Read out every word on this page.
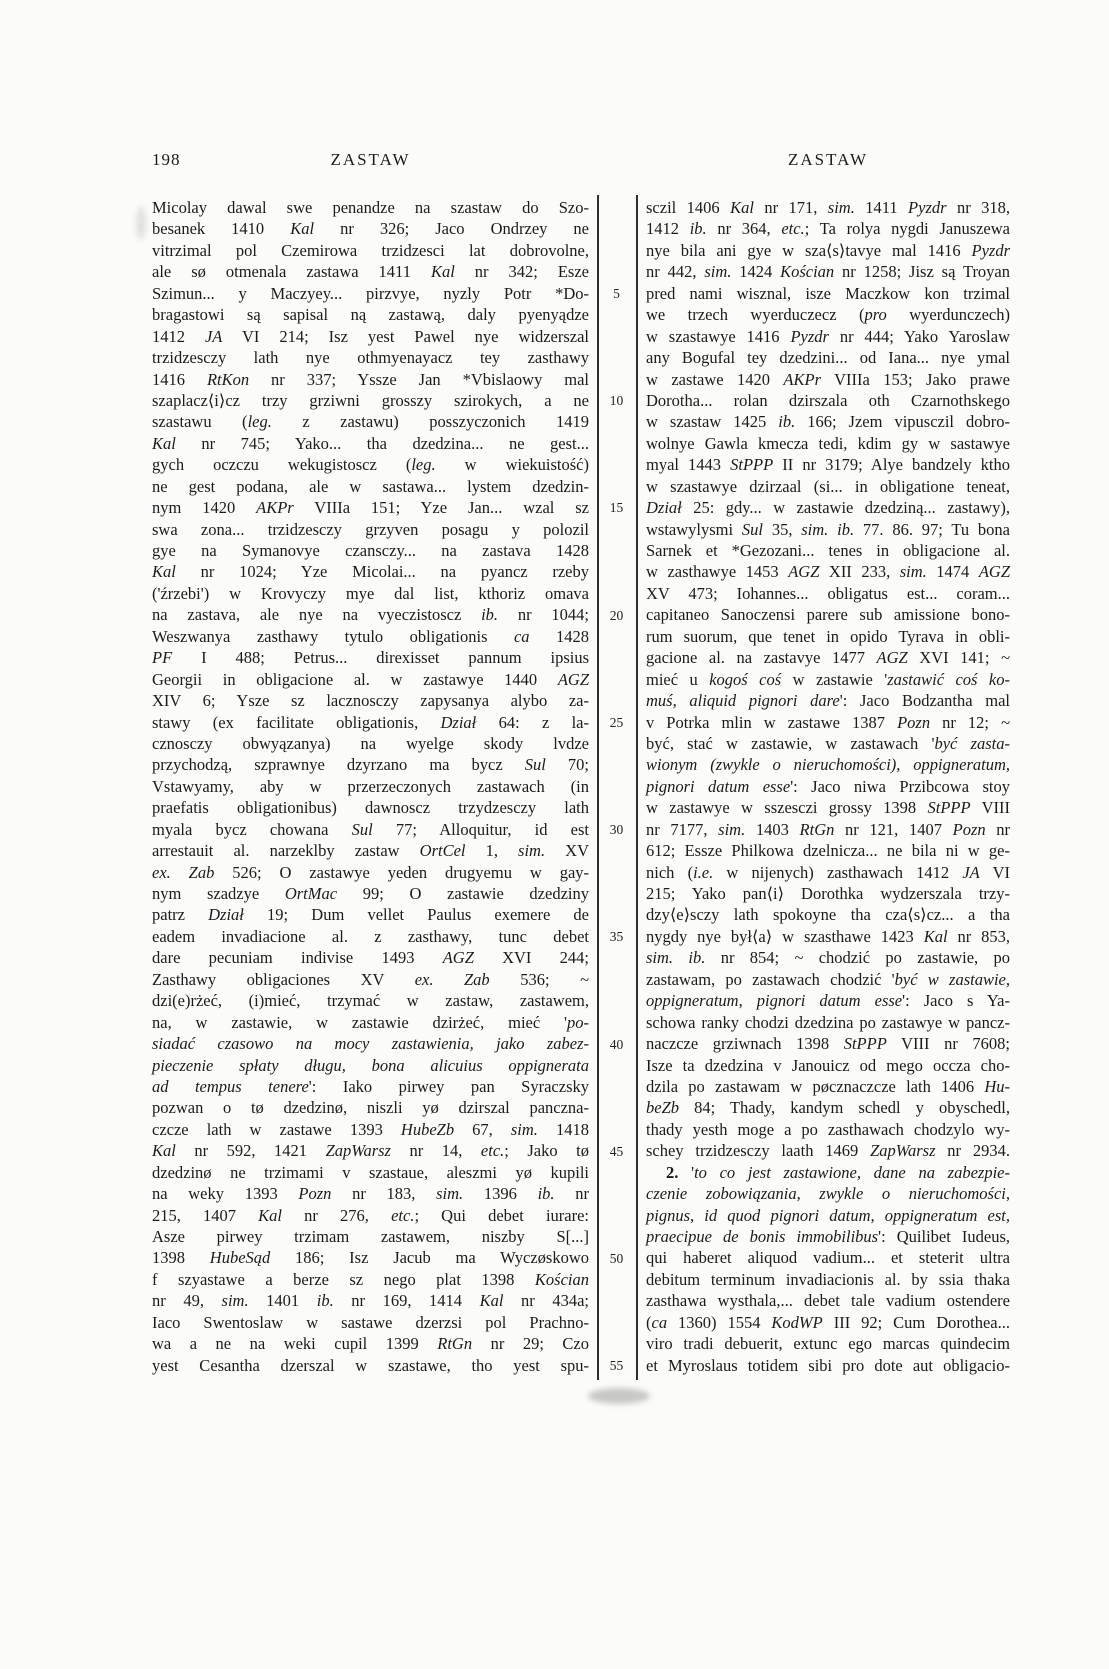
198	ZASTAW	ZASTAW
Micolay dawal swe penandze na szastaw do Szo-
besanek 1410 Kal nr 326; Jaco Ondrzey ne
vitrzimal pol Czemirowa trzidzesci lat dobrovolne,
ale sø otmenala zastawa 1411 Kal nr 342; Esze
Szimun... y Maczyey... pirzvye, nyzly Potr *Do-
bragastowi są sapisal ną zastawą, daly pyenyądze
1412 JA VI 214; Isz yest Pawel nye widzerszal
trzidzesczy lath nye othmyenayacz tey zasthawy
1416 RtKon nr 337; Yssze Jan *Vbislaowy mal
szaplacz⟨i⟩cz trzy grziwni grosszy szirokych, a ne
szastawu (leg. z zastawu) posszyczonich 1419
Kal nr 745; Yako... tha dzedzina... ne gest...
gych oczczu wekugistoscz (leg. w wiekuistość)
ne gest podana, ale w sastawa... lystem dzedzin-
nym 1420 AKPr VIIIa 151; Yze Jan... wzal sz
swa zona... trzidzesczy grzyven posagu y polozil
gye na Symanovye czansczy... na zastava 1428
Kal nr 1024; Yze Micolai... na pyancz rzeby
('źrzebi') w Krovyczy mye dal list, kthoriz omava
na zastava, ale nye na vyeczistoscz ib. nr 1044;
Weszwanya zasthawy tytulo obligationis ca 1428
PF I 488; Petrus... direxisset pannum ipsius
Georgii in obligacione al. w zastawye 1440 AGZ
XIV 6; Ysze sz lacznosczy zapysanya alybo za-
stawy (ex facilitate obligationis, Dział 64: z la-
cznosczy obwyązanya) na wyelge skody lvdze
przychodzą, szprawnye dzyrzano ma bycz Sul 70;
Vstawyamy, aby w przerzeczonych zastawach (in
praefatis obligationibus) dawnoscz trzydzesczy lath
myala bycz chowana Sul 77; Alloquitur, id est
arrestauit al. narzeklby zastaw OrtCel 1, sim. XV
ex. Zab 526; O zastawye yeden drugyemu w gay-
nym szadzye OrtMac 99; O zastawie dzedziny
patrz Dział 19; Dum vellet Paulus exemere de
eadem invadiacione al. z zasthawy, tunc debet
dare pecuniam indivise 1493 AGZ XVI 244;
Zasthawy obligaciones XV ex. Zab 536; ~
dzi(e)rżeć, (i)mieć, trzymać w zastaw, zastawem,
na, w zastawie, w zastawie dzirżeć, mieć 'po-
siadać czasowo na mocy zastawienia, jako zabez-
pieczenie spłaty długu, bona alicuius oppignerata
ad tempus tenere': Iako pirwey pan Syraczsky
pozwan o tø dzedzinø, niszli yø dzirszal panczna-
czcze lath w zastawe 1393 HubeZb 67, sim. 1418
Kal nr 592, 1421 ZapWarsz nr 14, etc.; Jako tø
dzedzinø ne trzimami v szastaue, aleszmi yø kupili
na weky 1393 Pozn nr 183, sim. 1396 ib. nr
215, 1407 Kal nr 276, etc.; Qui debet iurare:
Asze pirwey trzimam zastawem, niszby S[...]
1398 HubeSąd 186; Isz Jacub ma Wyczøskowo
f szyastawe a berze sz nego plat 1398 Kościan
nr 49, sim. 1401 ib. nr 169, 1414 Kal nr 434a;
Iaco Swentoslaw w sastawe dzerzsi pol Prachno-
wa a ne na weki cupil 1399 RtGn nr 29; Czo
yest Cesantha dzerszal w szastawe, tho yest spu-
5
10
15
20
25
30
35
40
45
50
55
sczil 1406 Kal nr 171, sim. 1411 Pyzdr nr 318,
1412 ib. nr 364, etc.; Ta rolya nygdi Januszewa
nye bila ani gye w sza⟨s⟩tavye mal 1416 Pyzdr
nr 442, sim. 1424 Kościan nr 1258; Jisz są Troyan
pred nami wisznal, isze Maczkow kon trzimal
we trzech wyerduczecz (pro wyerdunczech)
w szastawye 1416 Pyzdr nr 444; Yako Yaroslaw
any Bogufal tey dzedzini... od Iana... nye ymal
w zastawe 1420 AKPr VIIIa 153; Jako prawe
Dorotha... rolan dzirszala oth Czarnothskego
w szastaw 1425 ib. 166; Jzem vipusczil dobro-
wolnye Gawla kmecza tedi, kdim gy w sastawye
myal 1443 StPPP II nr 3179; Alye bandzely ktho
w szastawye dzirzaal (si... in obligatione teneat,
Dział 25: gdy... w zastawie dzedziną... zastawy),
wstawylysmi Sul 35, sim. ib. 77. 86. 97; Tu bona
Sarnek et *Gezozani... tenes in obligacione al.
w zasthawye 1453 AGZ XII 233, sim. 1474 AGZ
XV 473; Iohannes... obligatus est... coram...
capitaneo Sanoczensi parere sub amissione bono-
rum suorum, que tenet in opido Tyrava in obli-
gacione al. na zastavye 1477 AGZ XVI 141; ~
mieć u kogoś coś w zastawie 'zastawić coś ko-
muś, aliquid pignori dare': Jaco Bodzantha mal
v Potrka mlin w zastawe 1387 Pozn nr 12; ~
być, stać w zastawie, w zastawach 'być zasta-
wionym (zwykle o nieruchomości), oppigneratum,
pignori datum esse': Jaco niwa Przibcowa stoy
w zastawye w sszesczi grossy 1398 StPPP VIII
nr 7177, sim. 1403 RtGn nr 121, 1407 Pozn nr
612; Essze Philkowa dzelnicza... ne bila ni w ge-
nich (i.e. w nijenych) zasthawach 1412 JA VI
215; Yako pan⟨i⟩ Dorothka wydzerszala trzy-
dzy⟨e⟩sczy lath spokoyne tha cza⟨s⟩cz... a tha
nygdy nye był⟨a⟩ w szasthawe 1423 Kal nr 853,
sim. ib. nr 854; ~ chodzić po zastawie, po
zastawam, po zastawach chodzić 'być w zastawie,
oppigneratum, pignori datum esse': Jaco s Ya-
schowa ranky chodzi dzedzina po zastawye w pancz-
naczcze grziwnach 1398 StPPP VIII nr 7608;
Isze ta dzedzina v Janouicz od mego occza cho-
dzila po zastawam w pøcznaczcze lath 1406 Hu-
beZb 84; Thady, kandym schedl y obyschedl,
thady yesth moge a po zasthawach chodzylo wy-
schey trzidzesczy laath 1469 ZapWarsz nr 2934.
2. 'to co jest zastawione, dane na zabezpie-
czenie zobowiązania, zwykle o nieruchomości,
pignus, id quod pignori datum, oppigneratum est,
praecipue de bonis immobilibus': Quilibet Iudeus,
qui haberet aliquod vadium... et steterit ultra
debitum terminum invadiacionis al. by ssia thaka
zasthawa wysthala,... debet tale vadium ostendere
(ca 1360) 1554 KodWP III 92; Cum Dorothea...
viro tradi debuerit, extunc ego marcas quindecim
et Myroslaus totidem sibi pro dote aut obligacio-
